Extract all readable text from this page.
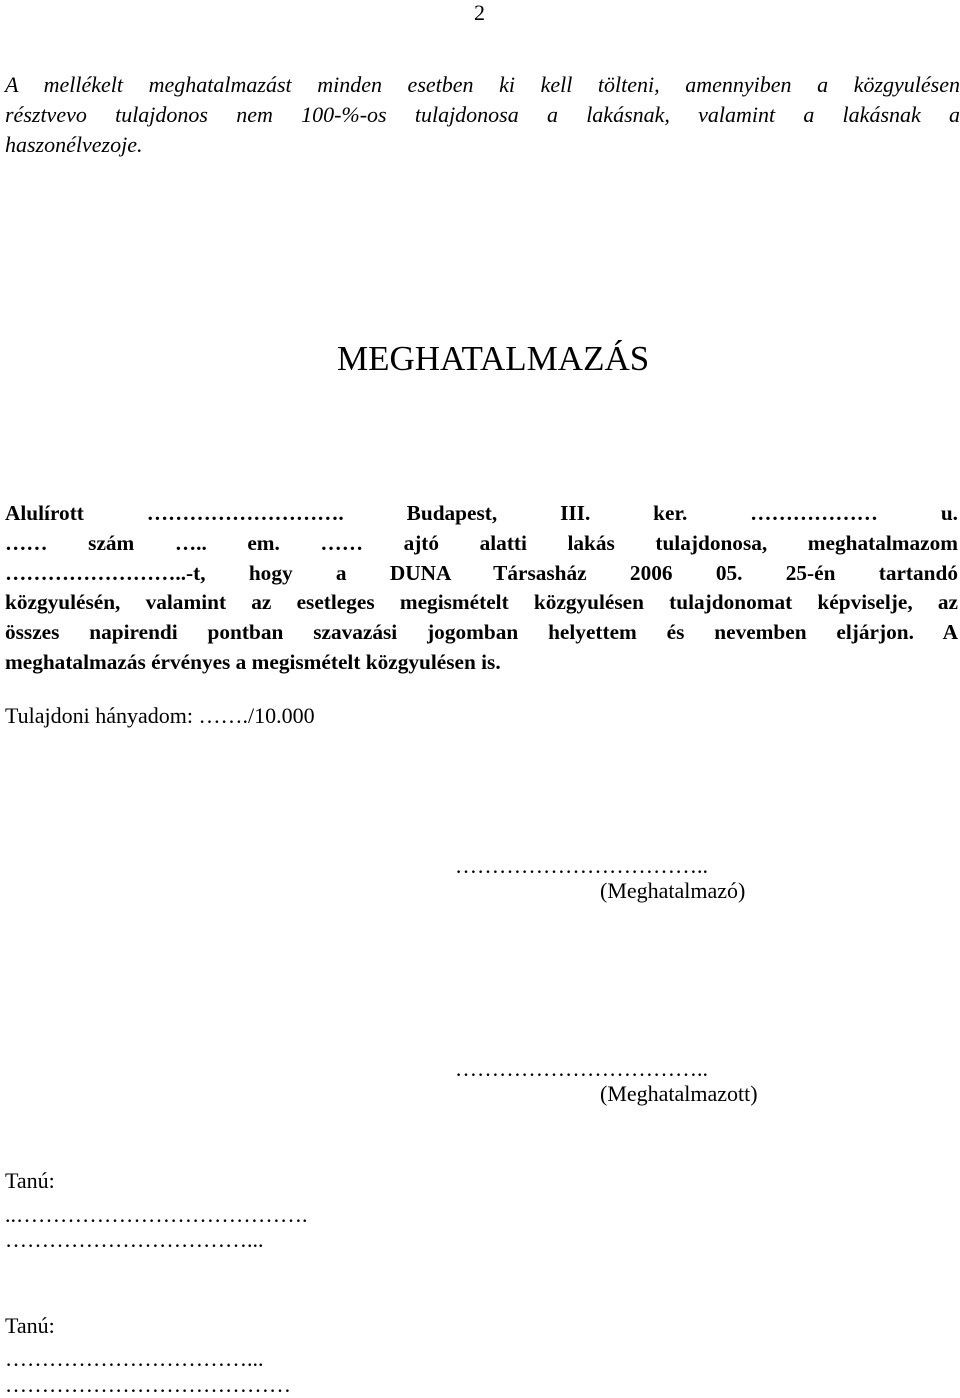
2
A mellékelt meghatalmazást minden esetben ki kell tölteni, amennyiben a közgyulésen
résztvevo tulajdonos nem 100-%-os tulajdonosa a lakásnak, valamint a lakásnak a
haszonélvezoje.
MEGHATALMAZÁS
Alulírott ………………………. Budapest, III. ker. ……………… u.
…… szám ….. em. …… ajtó alatti lakás tulajdonosa, meghatalmazom
……………………..-t, hogy a DUNA Társasház 2006 05. 25-én tartandó
közgyulésén, valamint az esetleges megismételt közgyulésen tulajdonomat képviselje, az
összes napirendi pontban szavazási jogomban helyettem és nevemben eljárjon. A
meghatalmazás érvényes a megismételt közgyulésen is.
Tulajdoni hányadom: ……./10.000
……………………………..
(Meghatalmazó)
……………………………..
(Meghatalmazott)
Tanú:
..………………………………….
……………………………...
Tanú:
……………………………...
…………………………………
